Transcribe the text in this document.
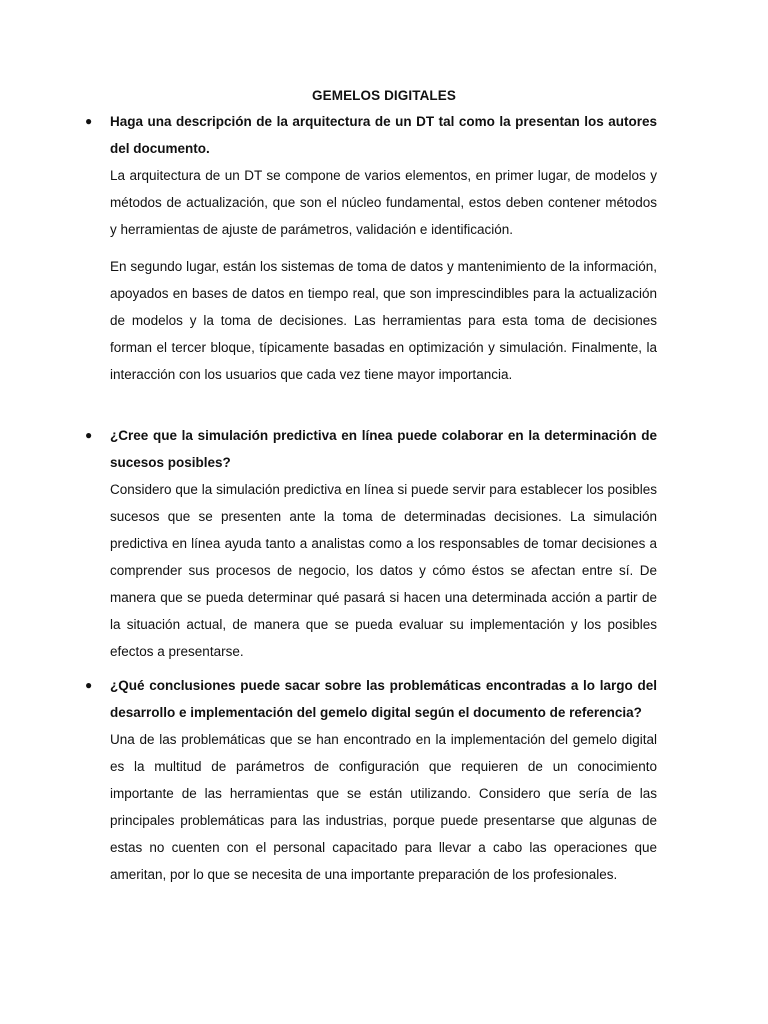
GEMELOS DIGITALES
● Haga una descripción de la arquitectura de un DT tal como la presentan los autores del documento.

La arquitectura de un DT se compone de varios elementos, en primer lugar, de modelos y métodos de actualización, que son el núcleo fundamental, estos deben contener métodos y herramientas de ajuste de parámetros, validación e identificación.

En segundo lugar, están los sistemas de toma de datos y mantenimiento de la información, apoyados en bases de datos en tiempo real, que son imprescindibles para la actualización de modelos y la toma de decisiones. Las herramientas para esta toma de decisiones forman el tercer bloque, típicamente basadas en optimización y simulación. Finalmente, la interacción con los usuarios que cada vez tiene mayor importancia.

● ¿Cree que la simulación predictiva en línea puede colaborar en la determinación de sucesos posibles?

Considero que la simulación predictiva en línea si puede servir para establecer los posibles sucesos que se presenten ante la toma de determinadas decisiones. La simulación predictiva en línea ayuda tanto a analistas como a los responsables de tomar decisiones a comprender sus procesos de negocio, los datos y cómo éstos se afectan entre sí. De manera que se pueda determinar qué pasará si hacen una determinada acción a partir de la situación actual, de manera que se pueda evaluar su implementación y los posibles efectos a presentarse.

● ¿Qué conclusiones puede sacar sobre las problemáticas encontradas a lo largo del desarrollo e implementación del gemelo digital según el documento de referencia?

Una de las problemáticas que se han encontrado en la implementación del gemelo digital es la multitud de parámetros de configuración que requieren de un conocimiento importante de las herramientas que se están utilizando. Considero que sería de las principales problemáticas para las industrias, porque puede presentarse que algunas de estas no cuenten con el personal capacitado para llevar a cabo las operaciones que ameritan, por lo que se necesita de una importante preparación de los profesionales.
